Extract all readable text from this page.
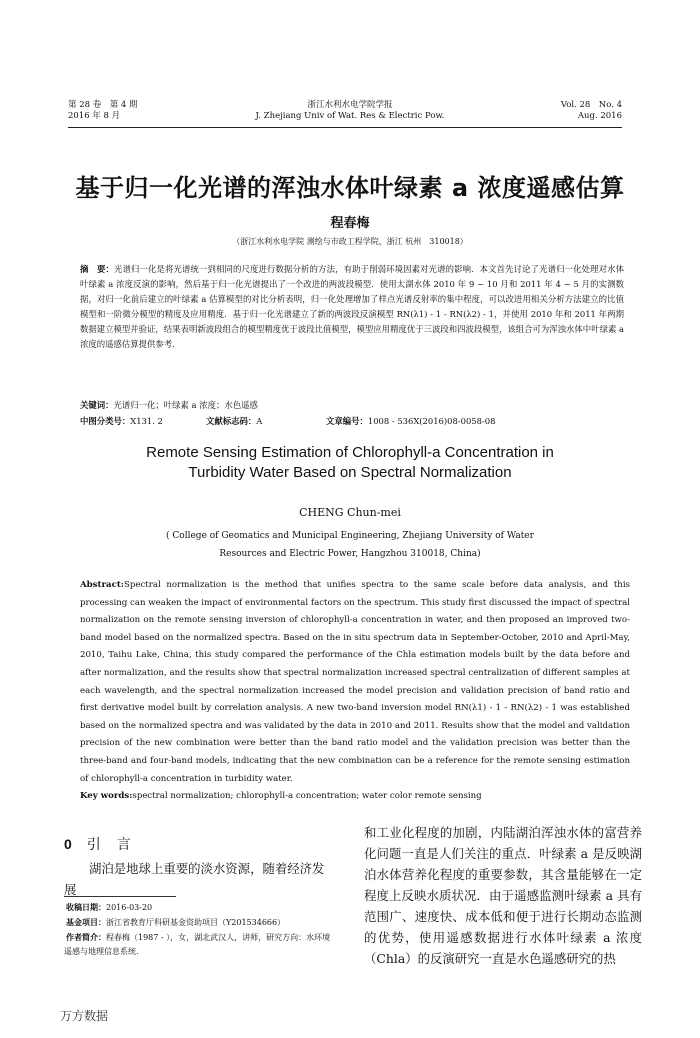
第 28 卷　第 4 期
2016 年 8 月
浙江水利水电学院学报
J. Zhejiang Univ of Wat. Res & Electric Pow.
Vol. 28　No. 4
Aug. 2016
基于归一化光谱的浑浊水体叶绿素 a 浓度遥感估算
程春梅
（浙江水利水电学院 测绘与市政工程学院，浙江 杭州　310018）
摘　要：光谱归一化是将光谱统一到相同的尺度进行数据分析的方法，有助于削弱环境因素对光谱的影响．本文首先讨论了光谱归一化处理对水体叶绿素 a 浓度反演的影响，然后基于归一化光谱提出了一个改进的两波段模型．使用太湖水体 2010 年 9 ~ 10 月和 2011 年 4 ~ 5 月的实测数据，对归一化前后建立的叶绿素 a 估算模型的对比分析表明，归一化处理增加了样点光谱反射率的集中程度，可以改进用相关分析方法建立的比值模型和一阶微分模型的精度及应用精度．基于归一化光谱建立了新的两波段反演模型 RN(λ1) - 1 - RN(λ2) - 1，并使用 2010 年和 2011 年两期数据建立模型并验证，结果表明新波段组合的模型精度优于波段比值模型，模型应用精度优于三波段和四波段模型，该组合可为浑浊水体中叶绿素 a 浓度的遥感估算提供参考．
关键词：光谱归一化；叶绿素 a 浓度；水色遥感
中图分类号：X131. 2	文献标志码：A	文章编号：1008 - 536X(2016)08-0058-08
Remote Sensing Estimation of Chlorophyll-a Concentration in
Turbidity Water Based on Spectral Normalization
CHENG Chun-mei
( College of Geomatics and Municipal Engineering, Zhejiang University of Water
Resources and Electric Power, Hangzhou 310018, China)
Abstract:Spectral normalization is the method that unifies spectra to the same scale before data analysis, and this processing can weaken the impact of environmental factors on the spectrum. This study first discussed the impact of spectral normalization on the remote sensing inversion of chlorophyll-a concentration in water, and then proposed an improved two-band model based on the normalized spectra. Based on the in situ spectrum data in September-October, 2010 and April-May, 2010, Taihu Lake, China, this study compared the performance of the Chla estimation models built by the data before and after normalization, and the results show that spectral normalization increased spectral centralization of different samples at each wavelength, and the spectral normalization increased the model precision and validation precision of band ratio and first derivative model built by correlation analysis. A new two-band inversion model RN(λ1) - 1 - RN(λ2) - 1 was established based on the normalized spectra and was validated by the data in 2010 and 2011. Results show that the model and validation precision of the new combination were better than the band ratio model and the validation precision was better than the three-band and four-band models, indicating that the new combination can be a reference for the remote sensing estimation of chlorophyll-a concentration in turbidity water.
Key words:spectral normalization; chlorophyll-a concentration; water color remote sensing
0 引言
湖泊是地球上重要的淡水资源，随着经济发展

收稿日期：2016-03-20

基金项目：浙江省教育厅科研基金资助项目（Y201534666）

作者简介：程春梅（1987 - ），女，湖北武汉人，讲师，研究方向：水环境遥感与地理信息系统．

和工业化程度的加剧，内陆湖泊浑浊水体的富营养化问题一直是人们关注的重点．叶绿素 a 是反映湖泊水体营养化程度的重要参数，其含量能够在一定程度上反映水质状况．由于遥感监测叶绿素 a 具有范围广、速度快、成本低和便于进行长期动态监测的优势，使用遥感数据进行水体叶绿素 a 浓度（Chla）的反演研究一直是水色遥感研究的热
万方数据
